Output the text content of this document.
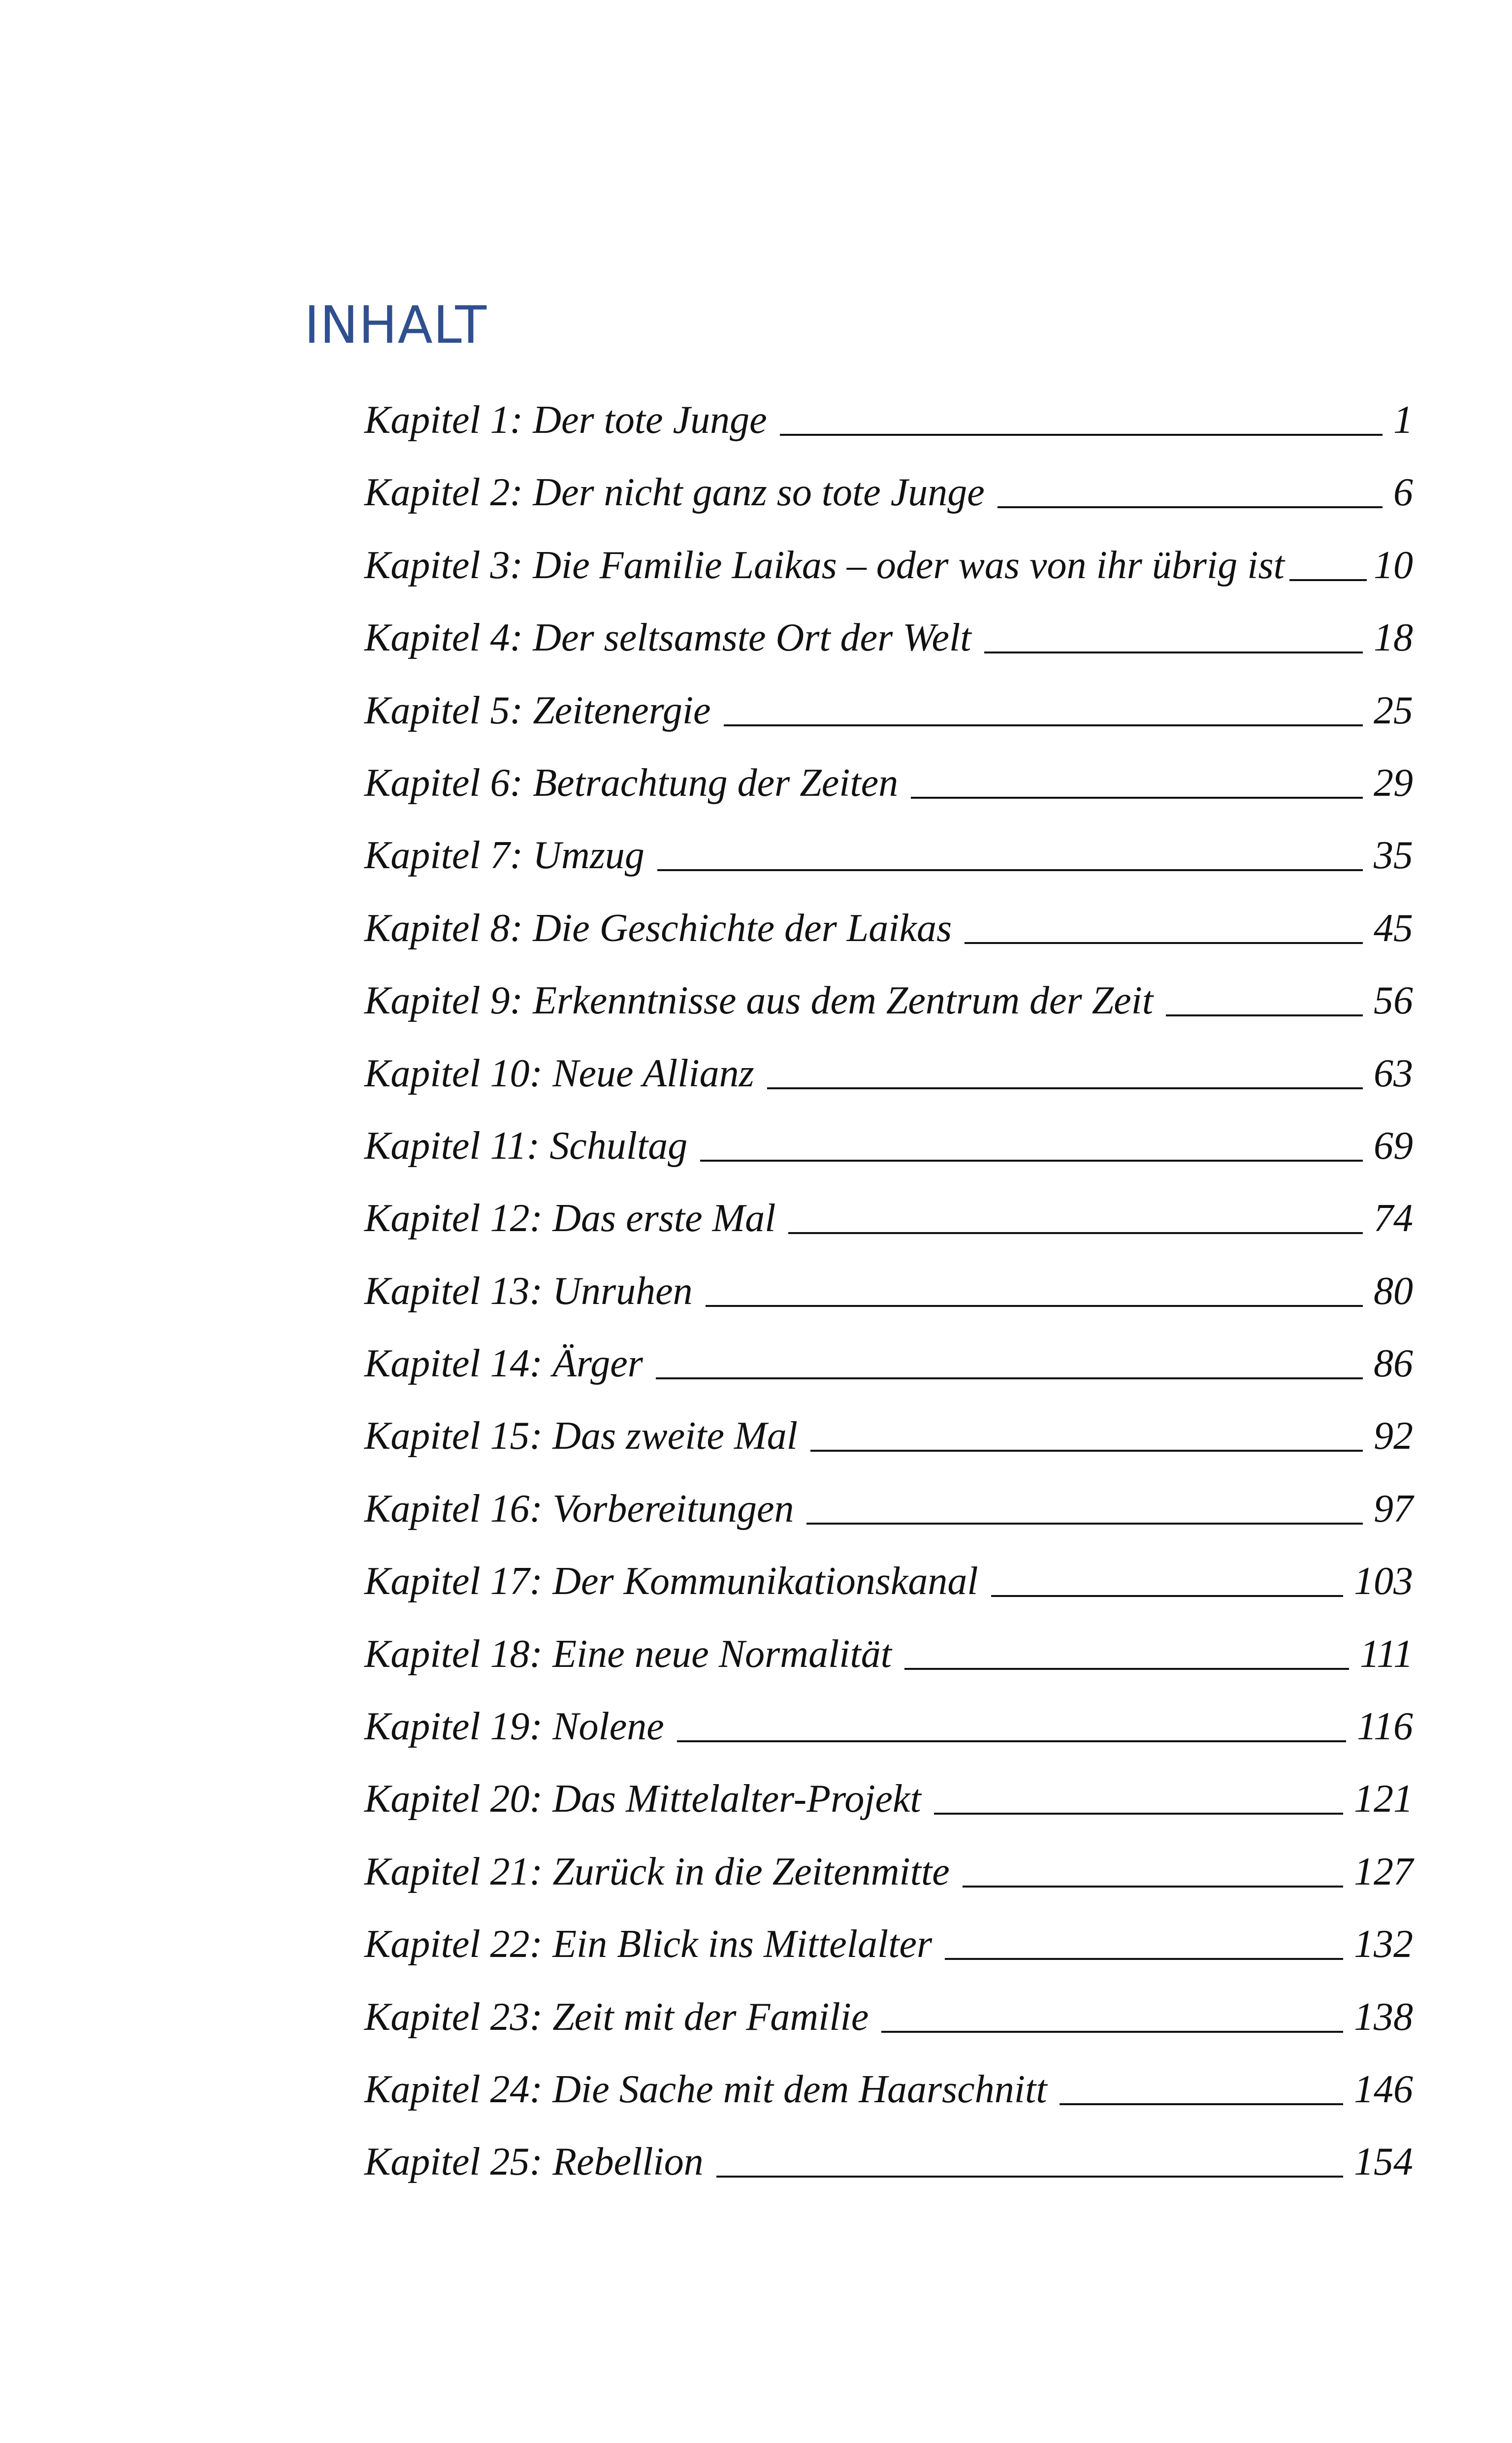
INHALT
Kapitel 1: Der tote Junge	1
Kapitel 2: Der nicht ganz so tote Junge	6
Kapitel 3: Die Familie Laikas – oder was von ihr übrig ist 10
Kapitel 4: Der seltsamste Ort der Welt	18
Kapitel 5: Zeitenergie	25
Kapitel 6: Betrachtung der Zeiten	29
Kapitel 7: Umzug	35
Kapitel 8: Die Geschichte der Laikas	45
Kapitel 9: Erkenntnisse aus dem Zentrum der Zeit	56
Kapitel 10: Neue Allianz	63
Kapitel 11: Schultag	69
Kapitel 12: Das erste Mal	74
Kapitel 13: Unruhen	80
Kapitel 14: Ärger	86
Kapitel 15: Das zweite Mal	92
Kapitel 16: Vorbereitungen	97
Kapitel 17: Der Kommunikationskanal	103
Kapitel 18: Eine neue Normalität	111
Kapitel 19: Nolene	116
Kapitel 20: Das Mittelalter-Projekt	121
Kapitel 21: Zurück in die Zeitenmitte	127
Kapitel 22: Ein Blick ins Mittelalter	132
Kapitel 23: Zeit mit der Familie	138
Kapitel 24: Die Sache mit dem Haarschnitt	146
Kapitel 25: Rebellion	154
